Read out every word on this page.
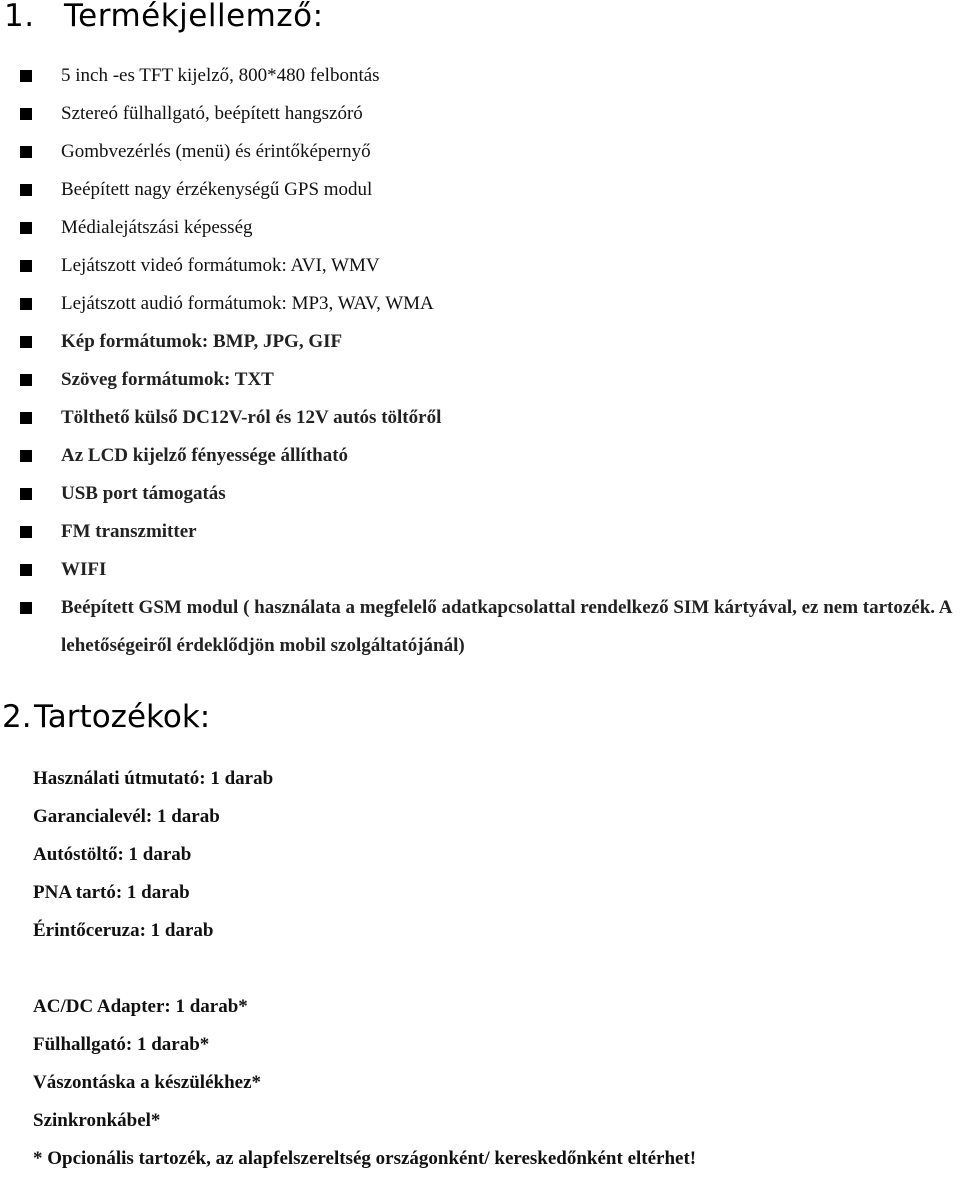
1. Termékjellemző:
5 inch -es TFT kijelző, 800*480 felbontás
Sztereó fülhallgató, beépített hangszóró
Gombvezérlés (menü) és érintőképernyő
Beépített nagy érzékenységű GPS modul
Médialejátszási képesség
Lejátszott videó formátumok: AVI, WMV
Lejátszott audió formátumok: MP3, WAV, WMA
Kép formátumok: BMP, JPG, GIF
Szöveg formátumok: TXT
Tölthető külső DC12V-ról és 12V autós töltőről
Az LCD kijelző fényessége állítható
USB port támogatás
FM transzmitter
WIFI
Beépített GSM modul ( használata a megfelelő adatkapcsolattal rendelkező SIM kártyával, ez nem tartozék. A lehetőségeiről érdeklődjön mobil szolgáltatójánál)
2.Tartozékok:
Használati útmutató: 1 darab
Garancialevél: 1 darab
Autóstöltő: 1 darab
PNA tartó: 1 darab
Érintőceruza: 1 darab
AC/DC Adapter: 1 darab*
Fülhallgató: 1 darab*
Vászontáska a készülékhez*
Szinkronkábel*
* Opcionális tartozék, az alapfelszereltség országonként/ kereskedőnként eltérhet!
